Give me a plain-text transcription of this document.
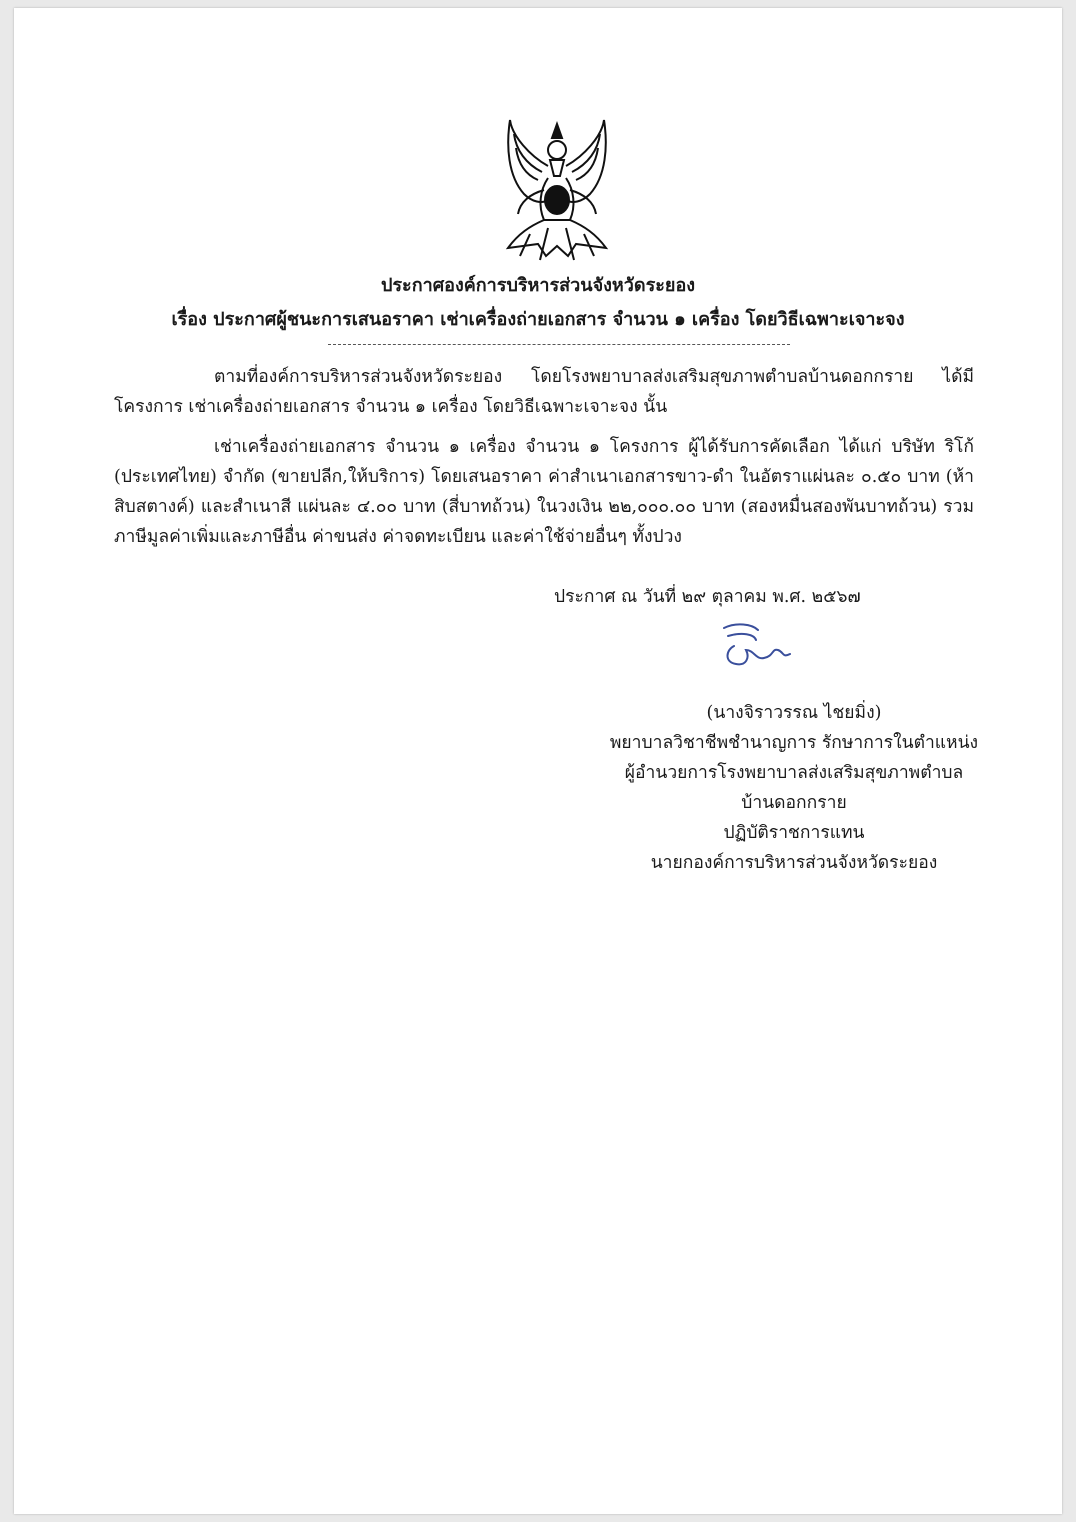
ประกาศองค์การบริหารส่วนจังหวัดระยอง
เรื่อง ประกาศผู้ชนะการเสนอราคา เช่าเครื่องถ่ายเอกสาร จำนวน ๑ เครื่อง โดยวิธีเฉพาะเจาะจง
ตามที่องค์การบริหารส่วนจังหวัดระยอง โดยโรงพยาบาลส่งเสริมสุขภาพตำบลบ้านดอกกราย ได้มีโครงการ เช่าเครื่องถ่ายเอกสาร จำนวน ๑ เครื่อง โดยวิธีเฉพาะเจาะจง นั้น
เช่าเครื่องถ่ายเอกสาร จำนวน ๑ เครื่อง จำนวน ๑ โครงการ ผู้ได้รับการคัดเลือก ได้แก่ บริษัท ริโก้ (ประเทศไทย) จำกัด (ขายปลีก,ให้บริการ) โดยเสนอราคา ค่าสำเนาเอกสารขาว-ดำ ในอัตราแผ่นละ ๐.๕๐ บาท (ห้าสิบสตางค์) และสำเนาสี แผ่นละ ๔.๐๐ บาท (สี่บาทถ้วน) ในวงเงิน ๒๒,๐๐๐.๐๐ บาท (สองหมื่นสองพันบาทถ้วน) รวมภาษีมูลค่าเพิ่มและภาษีอื่น ค่าขนส่ง ค่าจดทะเบียน และค่าใช้จ่ายอื่นๆ ทั้งปวง
ประกาศ ณ วันที่ ๒๙ ตุลาคม พ.ศ. ๒๕๖๗
(นางจิราวรรณ ไชยมิ่ง)
พยาบาลวิชาชีพชำนาญการ รักษาการในตำแหน่ง
ผู้อำนวยการโรงพยาบาลส่งเสริมสุขภาพตำบล
บ้านดอกกราย
ปฏิบัติราชการแทน
นายกองค์การบริหารส่วนจังหวัดระยอง
